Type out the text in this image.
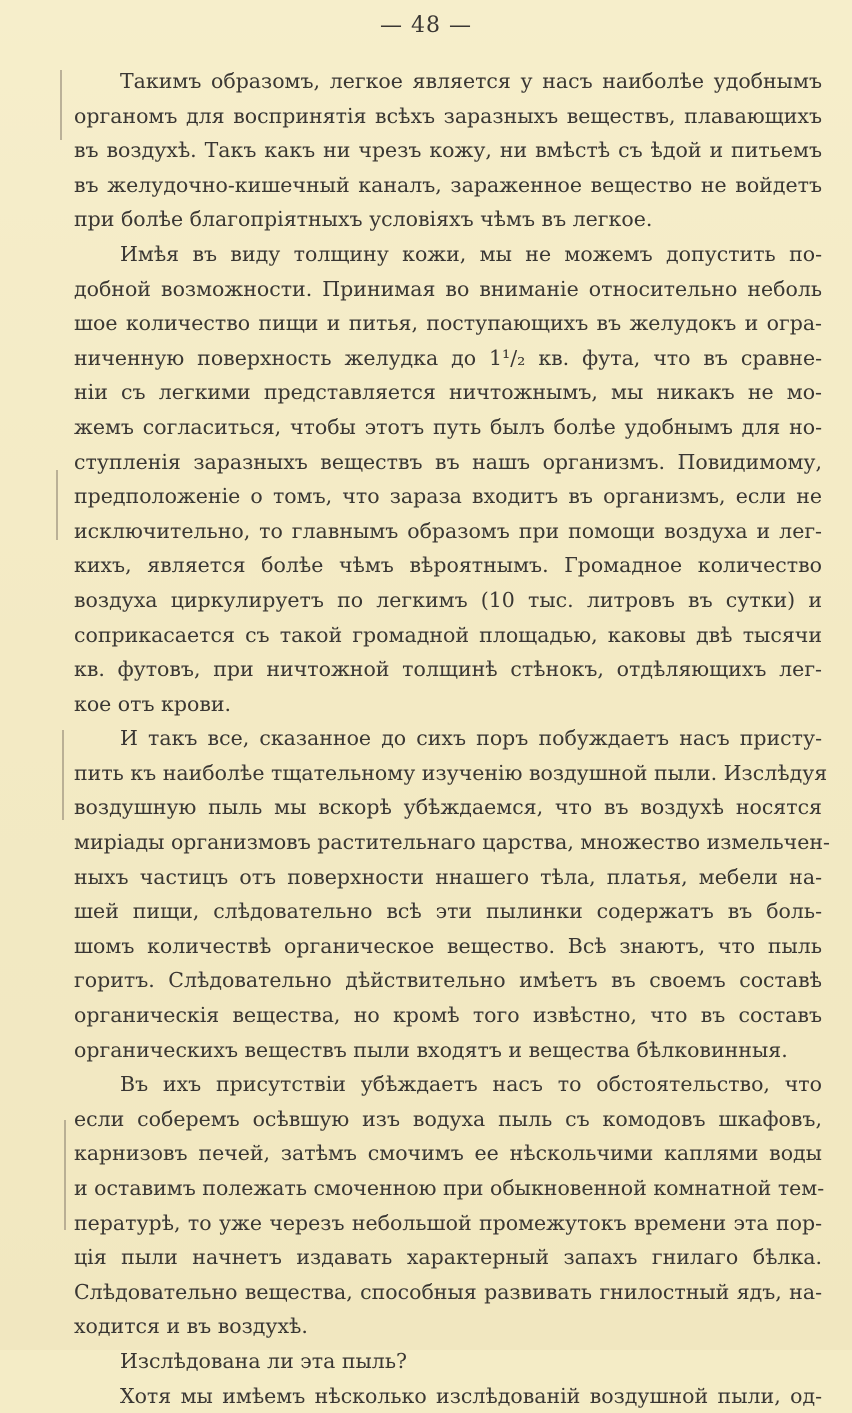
— 48 —
Такимъ образомъ, легкое является у насъ наиболѣе удобнымъ
органомъ для воспринятія всѣхъ заразныхъ веществъ, плавающихъ
въ воздухѣ. Такъ какъ ни чрезъ кожу, ни вмѣстѣ съ ѣдой и питьемъ
въ желудочно-кишечный каналъ, зараженное вещество не войдетъ
при болѣе благопріятныхъ условіяхъ чѣмъ въ легкое.
Имѣя въ виду толщину кожи, мы не можемъ допустить по-
добной возможности. Принимая во вниманіе относительно неболь
шое количество пищи и питья, поступающихъ въ желудокъ и огра-
ниченную поверхность желудка до 1¹/₂ кв. фута, что въ сравне-
ніи съ легкими представляется ничтожнымъ, мы никакъ не мо-
жемъ согласиться, чтобы этотъ путь былъ болѣе удобнымъ для но-
ступленія заразныхъ веществъ въ нашъ организмъ. Повидимому,
предположеніе о томъ, что зараза входитъ въ организмъ, если не
исключительно, то главнымъ образомъ при помощи воздуха и лег-
кихъ, является болѣе чѣмъ вѣроятнымъ. Громадное количество
воздуха циркулируетъ по легкимъ (10 тыс. литровъ въ сутки) и
соприкасается съ такой громадной площадью, каковы двѣ тысячи
кв. футовъ, при ничтожной толщинѣ стѣнокъ, отдѣляющихъ лег-
кое отъ крови.
И такъ все, сказанное до сихъ поръ побуждаетъ насъ присту-
пить къ наиболѣе тщательному изученію воздушной пыли. Изслѣдуя
воздушную пыль мы вскорѣ убѣждаемся, что въ воздухѣ носятся
миріады организмовъ растительнаго царства, множество измельчен-
ныхъ частицъ отъ поверхности ннашего тѣла, платья, мебели на-
шей пищи, слѣдовательно всѣ эти пылинки содержатъ въ боль-
шомъ количествѣ органическое вещество. Всѣ знаютъ, что пыль
горитъ. Слѣдовательно дѣйствительно имѣетъ въ своемъ составѣ
органическія вещества, но кромѣ того извѣстно, что въ составъ
органическихъ веществъ пыли входятъ и вещества бѣлковинныя.
Въ ихъ присутствіи убѣждаетъ насъ то обстоятельство, что
если соберемъ осѣвшую изъ водуха пыль съ комодовъ шкафовъ,
карнизовъ печей, затѣмъ смочимъ ее нѣскольчими каплями воды
и оставимъ полежать смоченною при обыкновенной комнатной тем-
пературѣ, то уже черезъ небольшой промежутокъ времени эта пор-
ція пыли начнетъ издавать характерный запахъ гнилаго бѣлка.
Слѣдовательно вещества, способныя развивать гнилостный ядъ, на-
ходится и въ воздухѣ.
Изслѣдована ли эта пыль?
Хотя мы имѣемъ нѣсколько изслѣдованій воздушной пыли, од-
